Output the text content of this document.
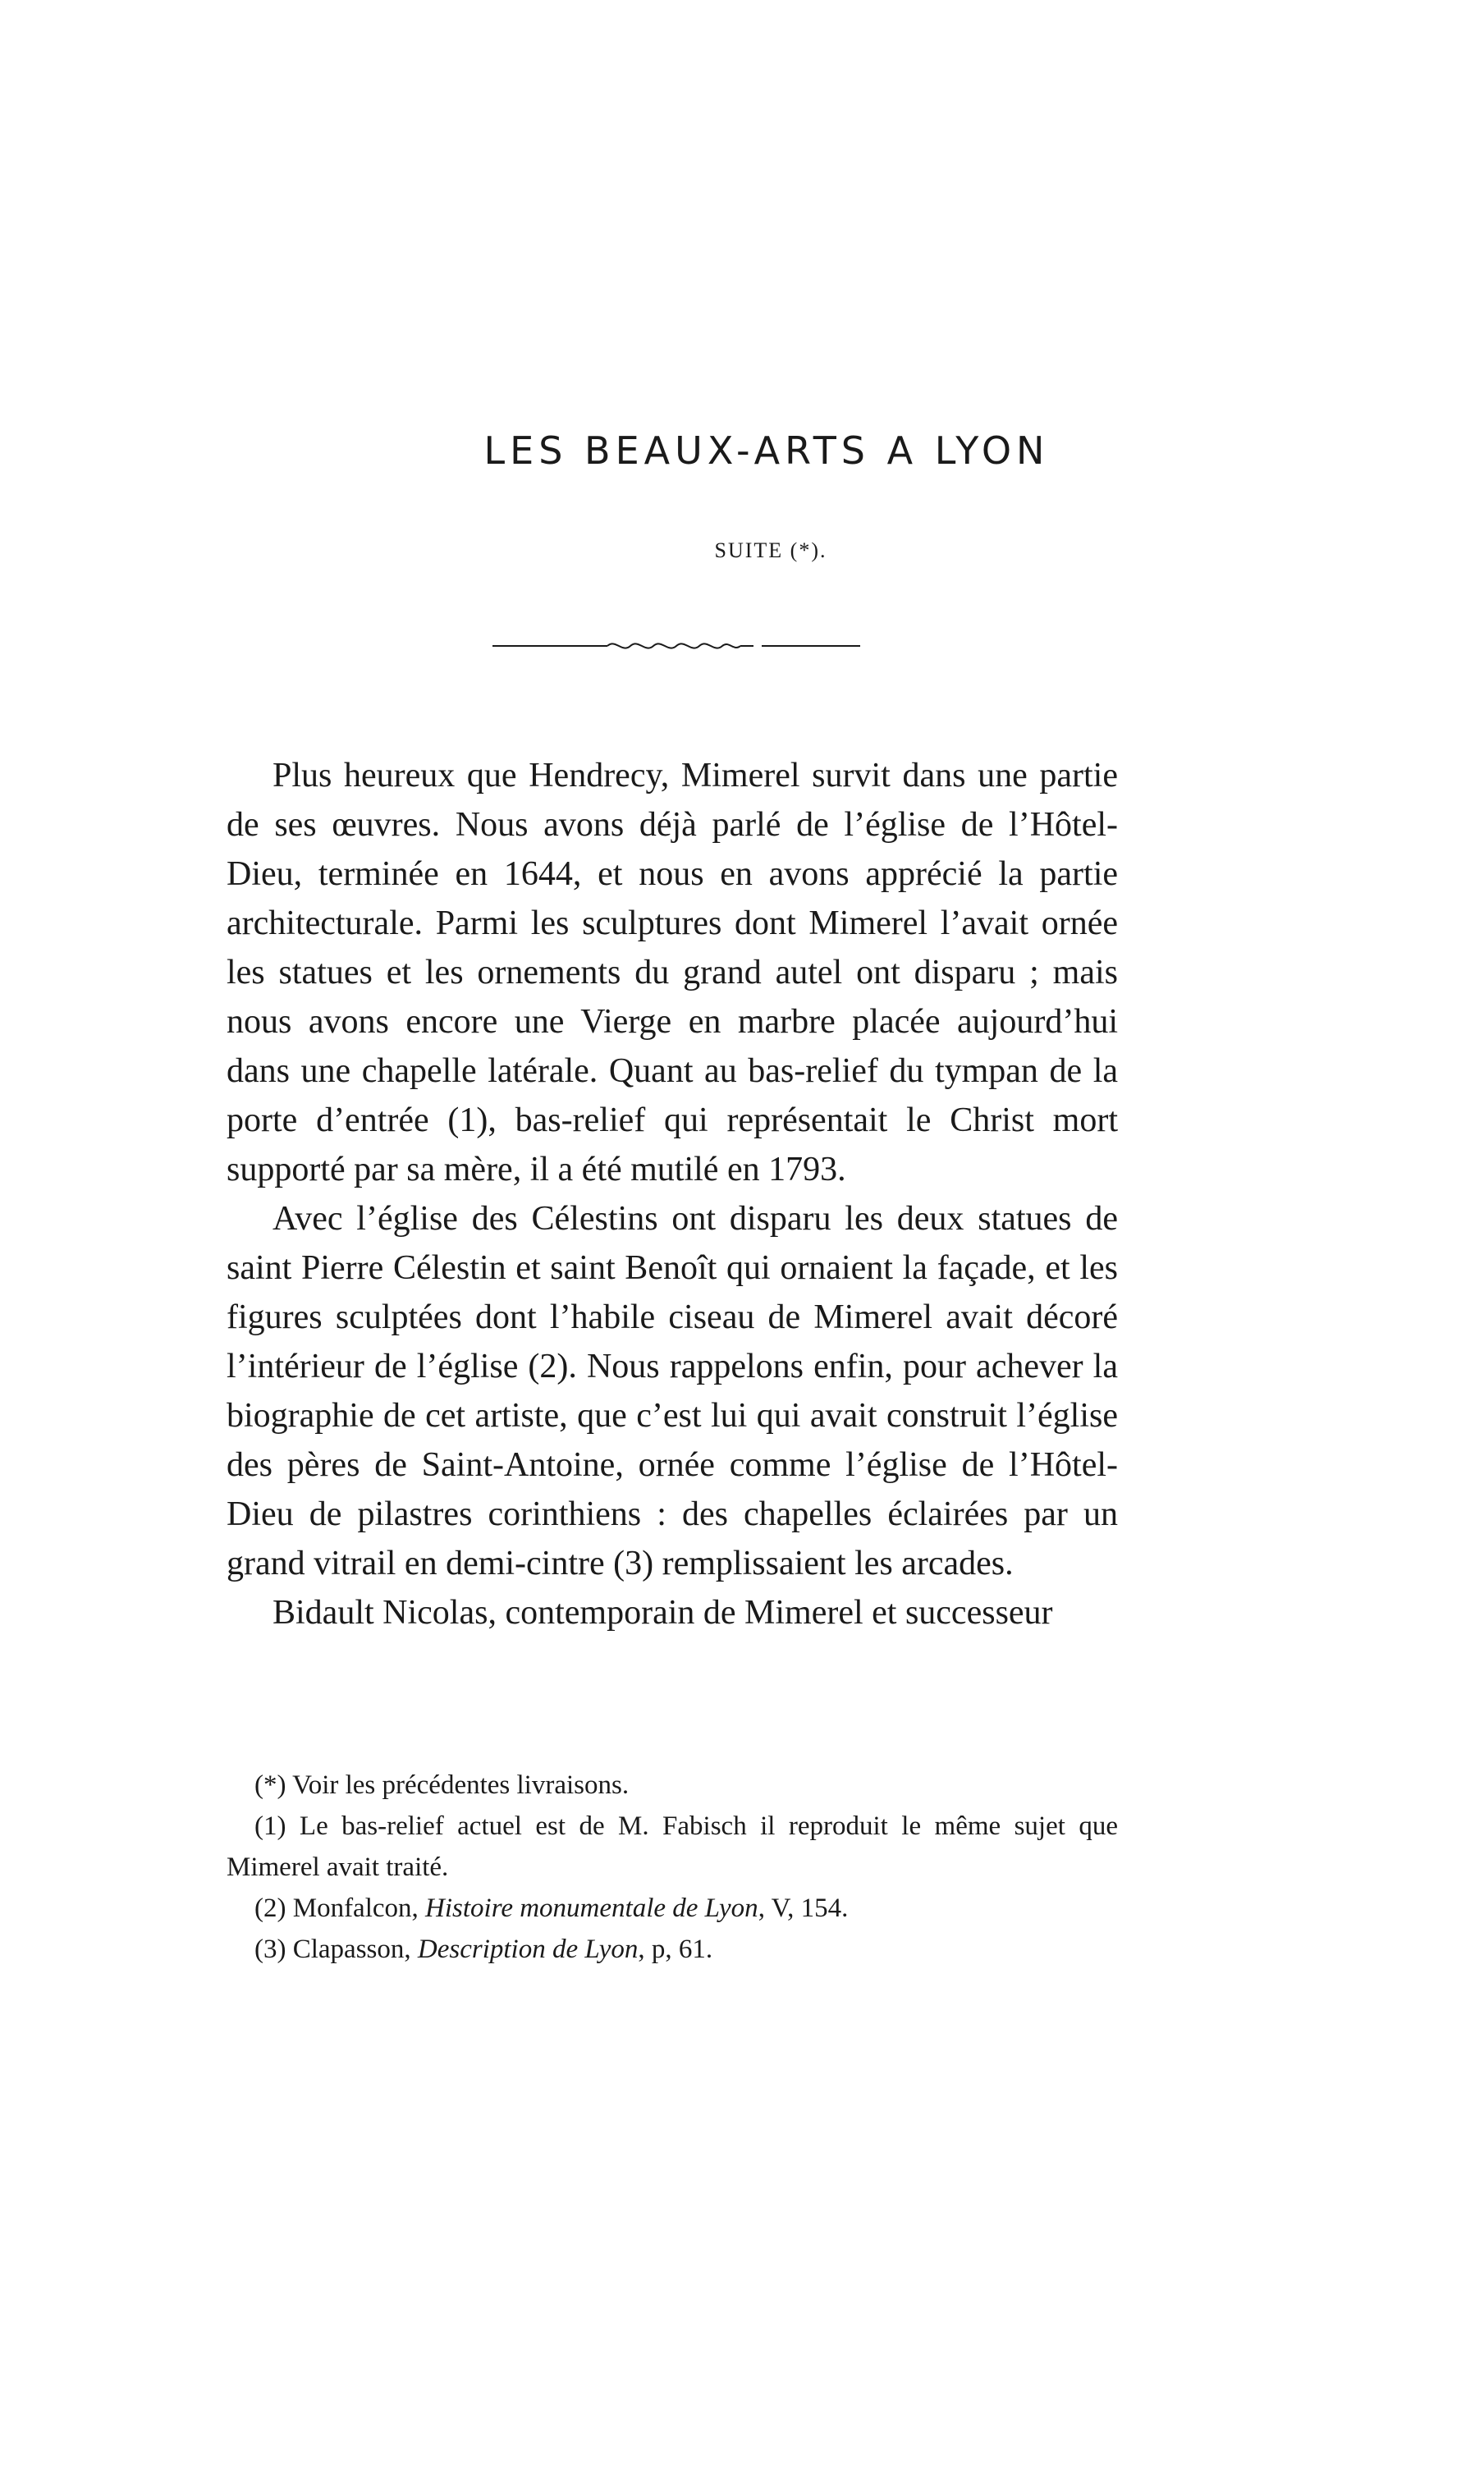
LES BEAUX-ARTS A LYON
SUITE (*).

Plus heureux que Hendrecy, Mimerel survit dans une partie de ses œuvres. Nous avons déjà parlé de l’église de l’Hôtel-Dieu, terminée en 1644, et nous en avons apprécié la partie architecturale. Parmi les sculptures dont Mimerel l’avait ornée les statues et les ornements du grand autel ont disparu ; mais nous avons encore une Vierge en marbre placée aujourd’hui dans une chapelle latérale. Quant au bas-relief du tympan de la porte d’entrée (1), bas-relief qui représentait le Christ mort supporté par sa mère, il a été mutilé en 1793.

Avec l’église des Célestins ont disparu les deux statues de saint Pierre Célestin et saint Benoît qui ornaient la façade, et les figures sculptées dont l’habile ciseau de Mimerel avait décoré l’intérieur de l’église (2). Nous rappelons enfin, pour achever la biographie de cet artiste, que c’est lui qui avait construit l’église des pères de Saint-Antoine, ornée comme l’église de l’Hôtel-Dieu de pilastres corinthiens : des chapelles éclairées par un grand vitrail en demi-cintre (3) remplissaient les arcades.

Bidault Nicolas, contemporain de Mimerel et successeur

(*) Voir les précédentes livraisons.

(1) Le bas-relief actuel est de M. Fabisch il reproduit le même sujet que Mimerel avait traité.

(2) Monfalcon, Histoire monumentale de Lyon, V, 154.

(3) Clapasson, Description de Lyon, p, 61.
